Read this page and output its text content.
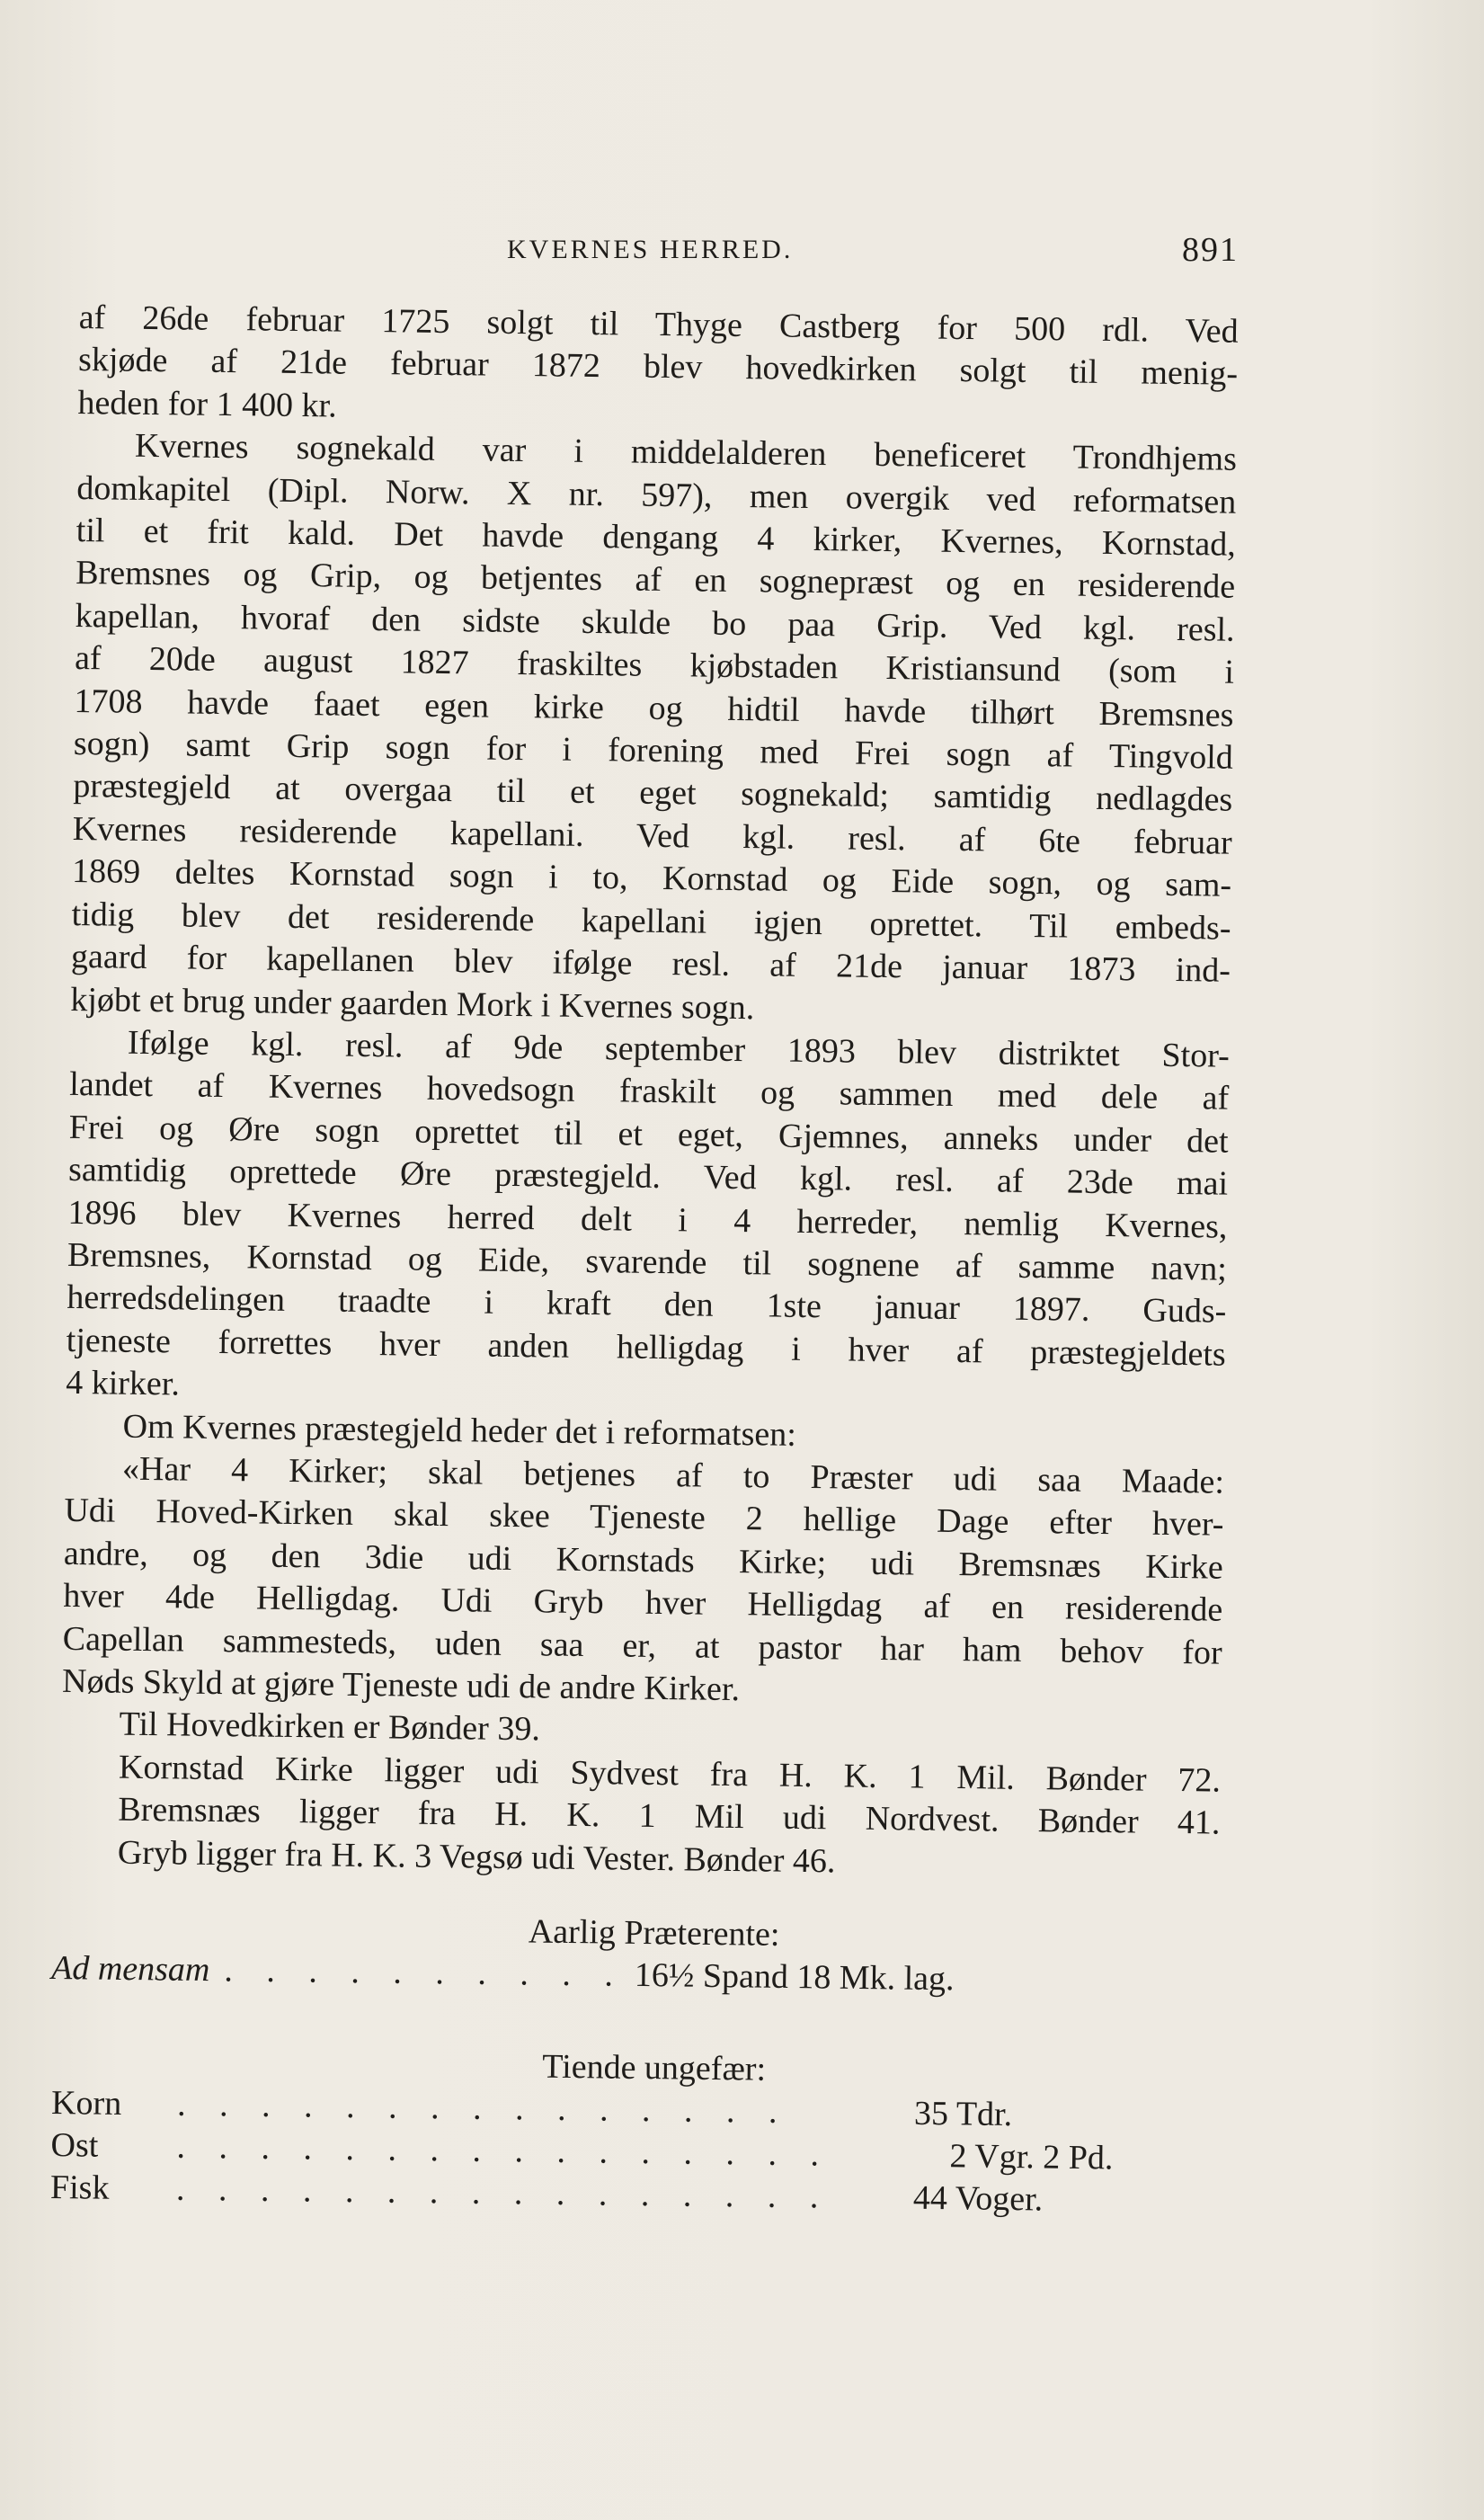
KVERNES HERRED.	891
af 26de februar 1725 solgt til Thyge Castberg for 500 rdl. Ved
skjøde af 21de februar 1872 blev hovedkirken solgt til menig-
heden for 1 400 kr.
Kvernes sognekald var i middelalderen beneficeret Trondhjems
domkapitel (Dipl. Norw. X nr. 597), men overgik ved reformatsen
til et frit kald. Det havde dengang 4 kirker, Kvernes, Kornstad,
Bremsnes og Grip, og betjentes af en sognepræst og en residerende
kapellan, hvoraf den sidste skulde bo paa Grip. Ved kgl. resl.
af 20de august 1827 fraskiltes kjøbstaden Kristiansund (som i
1708 havde faaet egen kirke og hidtil havde tilhørt Bremsnes
sogn) samt Grip sogn for i forening med Frei sogn af Tingvold
præstegjeld at overgaa til et eget sognekald; samtidig nedlagdes
Kvernes residerende kapellani. Ved kgl. resl. af 6te februar
1869 deltes Kornstad sogn i to, Kornstad og Eide sogn, og sam-
tidig blev det residerende kapellani igjen oprettet. Til embeds-
gaard for kapellanen blev ifølge resl. af 21de januar 1873 ind-
kjøbt et brug under gaarden Mork i Kvernes sogn.
Ifølge kgl. resl. af 9de september 1893 blev distriktet Stor-
landet af Kvernes hovedsogn fraskilt og sammen med dele af
Frei og Øre sogn oprettet til et eget, Gjemnes, anneks under det
samtidig oprettede Øre præstegjeld. Ved kgl. resl. af 23de mai
1896 blev Kvernes herred delt i 4 herreder, nemlig Kvernes,
Bremsnes, Kornstad og Eide, svarende til sognene af samme navn;
herredsdelingen traadte i kraft den 1ste januar 1897. Guds-
tjeneste forrettes hver anden helligdag i hver af præstegjeldets
4 kirker.
Om Kvernes præstegjeld heder det i reformatsen:
«Har 4 Kirker; skal betjenes af to Præster udi saa Maade:
Udi Hoved-Kirken skal skee Tjeneste 2 hellige Dage efter hver-
andre, og den 3die udi Kornstads Kirke; udi Bremsnæs Kirke
hver 4de Helligdag. Udi Gryb hver Helligdag af en residerende
Capellan sammesteds, uden saa er, at pastor har ham behov for
Nøds Skyld at gjøre Tjeneste udi de andre Kirker.
Til Hovedkirken er Bønder 39.
Kornstad Kirke ligger udi Sydvest fra H. K. 1 Mil. Bønder 72.
Bremsnæs ligger fra H. K. 1 Mil udi Nordvest. Bønder 41.
Gryb ligger fra H. K. 3 Vegsø udi Vester. Bønder 46.
Aarlig Præterente:
Ad mensam . . . . . . . . . . 16½ Spand 18 Mk. lag.
Tiende ungefær:
Korn	. . . . . . . . . . . . . . .	35 Tdr.
Ost	. . . . . . . . . . . . . . . .	2 Vgr. 2 Pd.
Fisk	. . . . . . . . . . . . . . . .	44 Voger.
